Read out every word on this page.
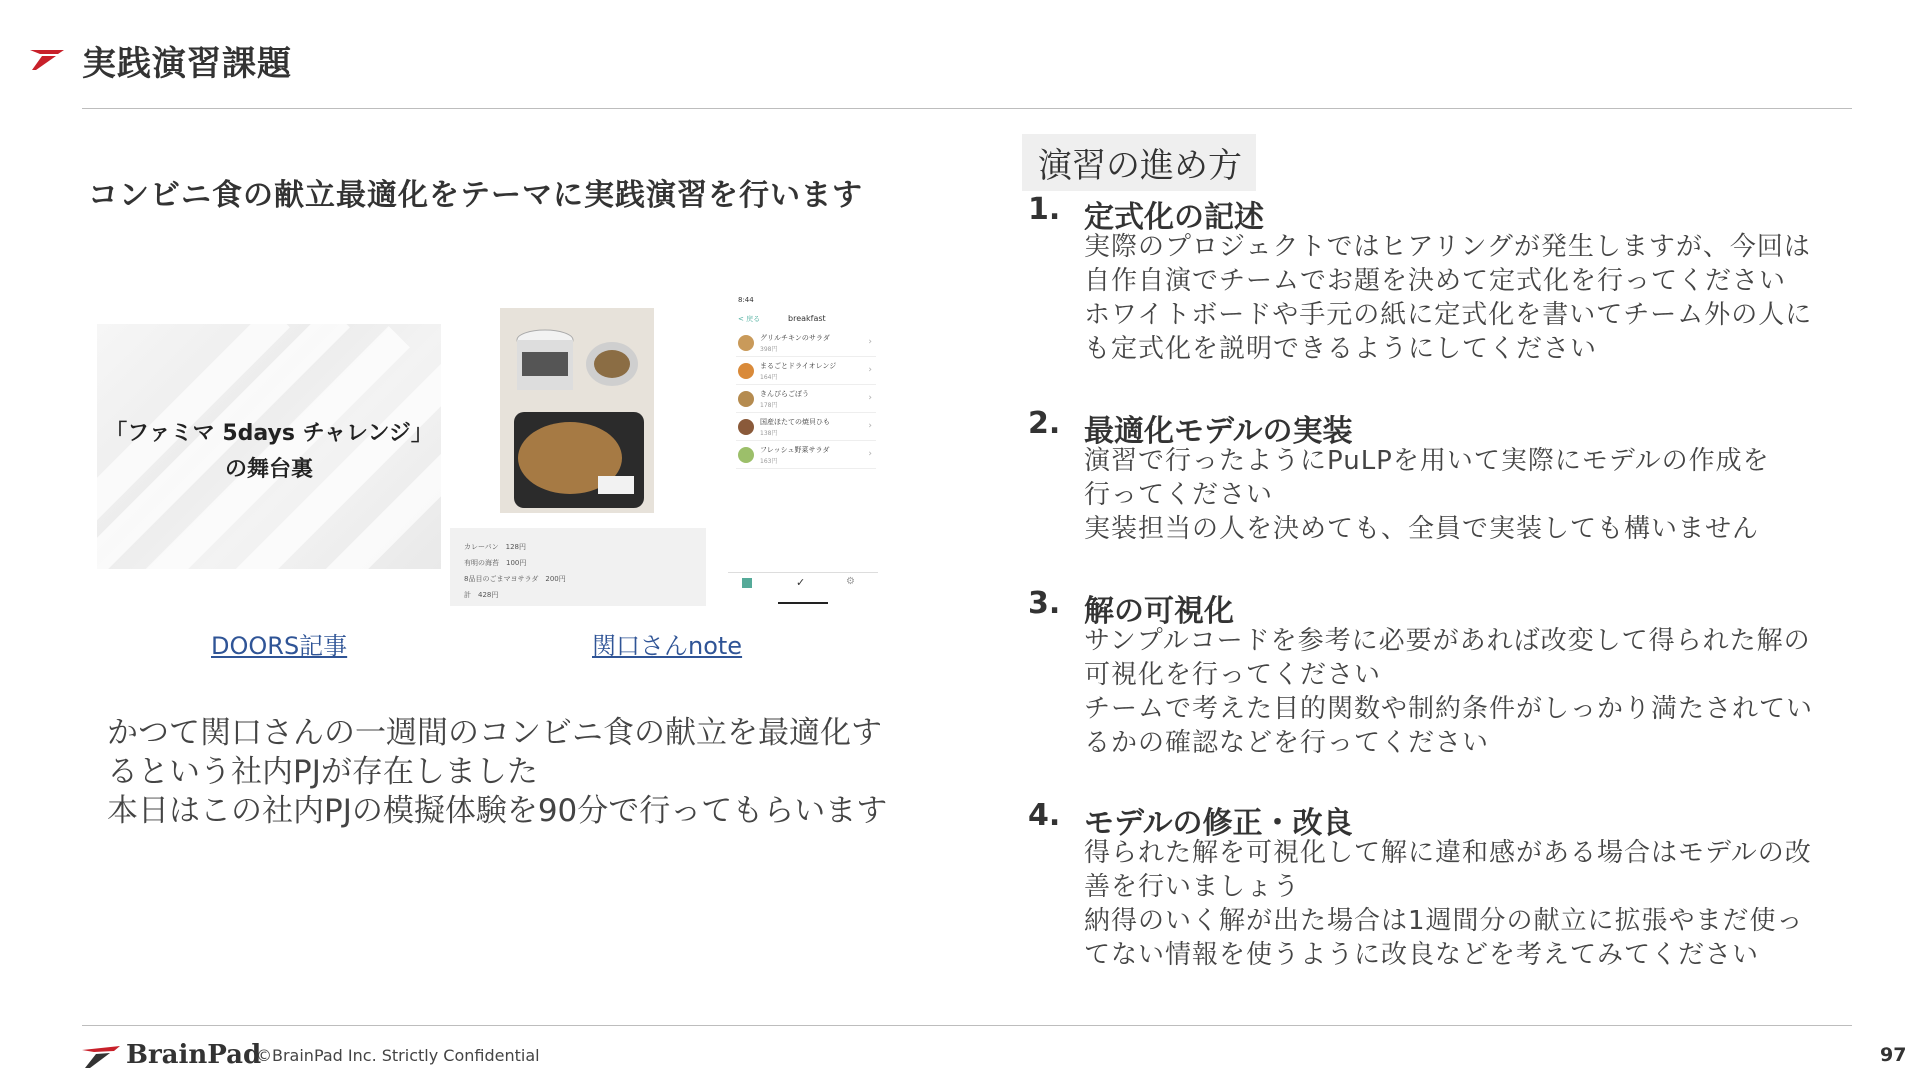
実践演習課題
コンビニ食の献立最適化をテーマに実践演習を行います
「ファミマ 5days チャレンジ」
の舞台裏
カレーパン　128円
有明の海苔　100円
8品目のごまマヨサラダ　200円
計　428円
8:44
< 戻る	breakfast
グリルチキンのサラダ
398円
›
まるごとドライオレンジ
164円
›
きんぴらごぼう
178円
›
国産ほたての焼貝ひも
138円
›
フレッシュ野菜サラダ
163円
›
✓	⚙
DOORS記事	関口さんnote
かつて関口さんの一週間のコンビニ食の献立を最適化す
るという社内PJが存在しました
本日はこの社内PJの模擬体験を90分で行ってもらいます
演習の進め方
1. 定式化の記述
実際のプロジェクトではヒアリングが発生しますが、今回は
自作自演でチームでお題を決めて定式化を行ってください
ホワイトボードや手元の紙に定式化を書いてチーム外の人に
も定式化を説明できるようにしてください
2. 最適化モデルの実装
演習で行ったようにPuLPを用いて実際にモデルの作成を
行ってください
実装担当の人を決めても、全員で実装しても構いません
3. 解の可視化
サンプルコードを参考に必要があれば改変して得られた解の
可視化を行ってください
チームで考えた目的関数や制約条件がしっかり満たされてい
るかの確認などを行ってください
4. モデルの修正・改良
得られた解を可視化して解に違和感がある場合はモデルの改
善を行いましょう
納得のいく解が出た場合は1週間分の献立に拡張やまだ使っ
てない情報を使うように改良などを考えてみてください
BrainPad
©BrainPad Inc. Strictly Confidential	97
